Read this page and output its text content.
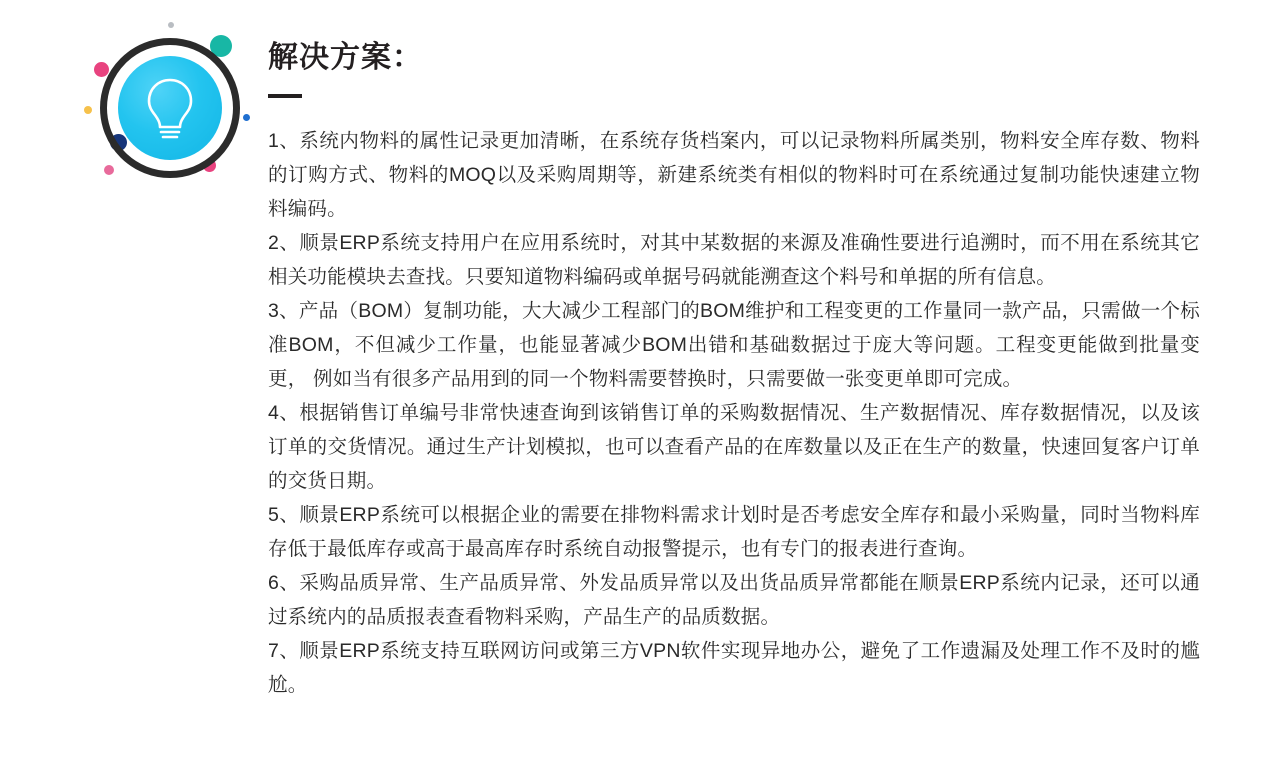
解决方案：

1、系统内物料的属性记录更加清晰，在系统存货档案内，可以记录物料所属类别，物料安全库存数、物料的订购方式、物料的MOQ以及采购周期等，新建系统类有相似的物料时可在系统通过复制功能快速建立物料编码。

2、顺景ERP系统支持用户在应用系统时，对其中某数据的来源及准确性要进行追溯时，而不用在系统其它相关功能模块去查找。只要知道物料编码或单据号码就能溯查这个料号和单据的所有信息。

3、产品（BOM）复制功能，大大减少工程部门的BOM维护和工程变更的工作量同一款产品，只需做一个标准BOM，不但减少工作量，也能显著减少BOM出错和基础数据过于庞大等问题。工程变更能做到批量变更， 例如当有很多产品用到的同一个物料需要替换时，只需要做一张变更单即可完成。

4、根据销售订单编号非常快速查询到该销售订单的采购数据情况、生产数据情况、库存数据情况，以及该订单的交货情况。通过生产计划模拟，也可以查看产品的在库数量以及正在生产的数量，快速回复客户订单的交货日期。

5、顺景ERP系统可以根据企业的需要在排物料需求计划时是否考虑安全库存和最小采购量，同时当物料库存低于最低库存或高于最高库存时系统自动报警提示，也有专门的报表进行查询。

6、采购品质异常、生产品质异常、外发品质异常以及出货品质异常都能在顺景ERP系统内记录，还可以通过系统内的品质报表查看物料采购，产品生产的品质数据。

7、顺景ERP系统支持互联网访问或第三方VPN软件实现异地办公，避免了工作遗漏及处理工作不及时的尴尬。
